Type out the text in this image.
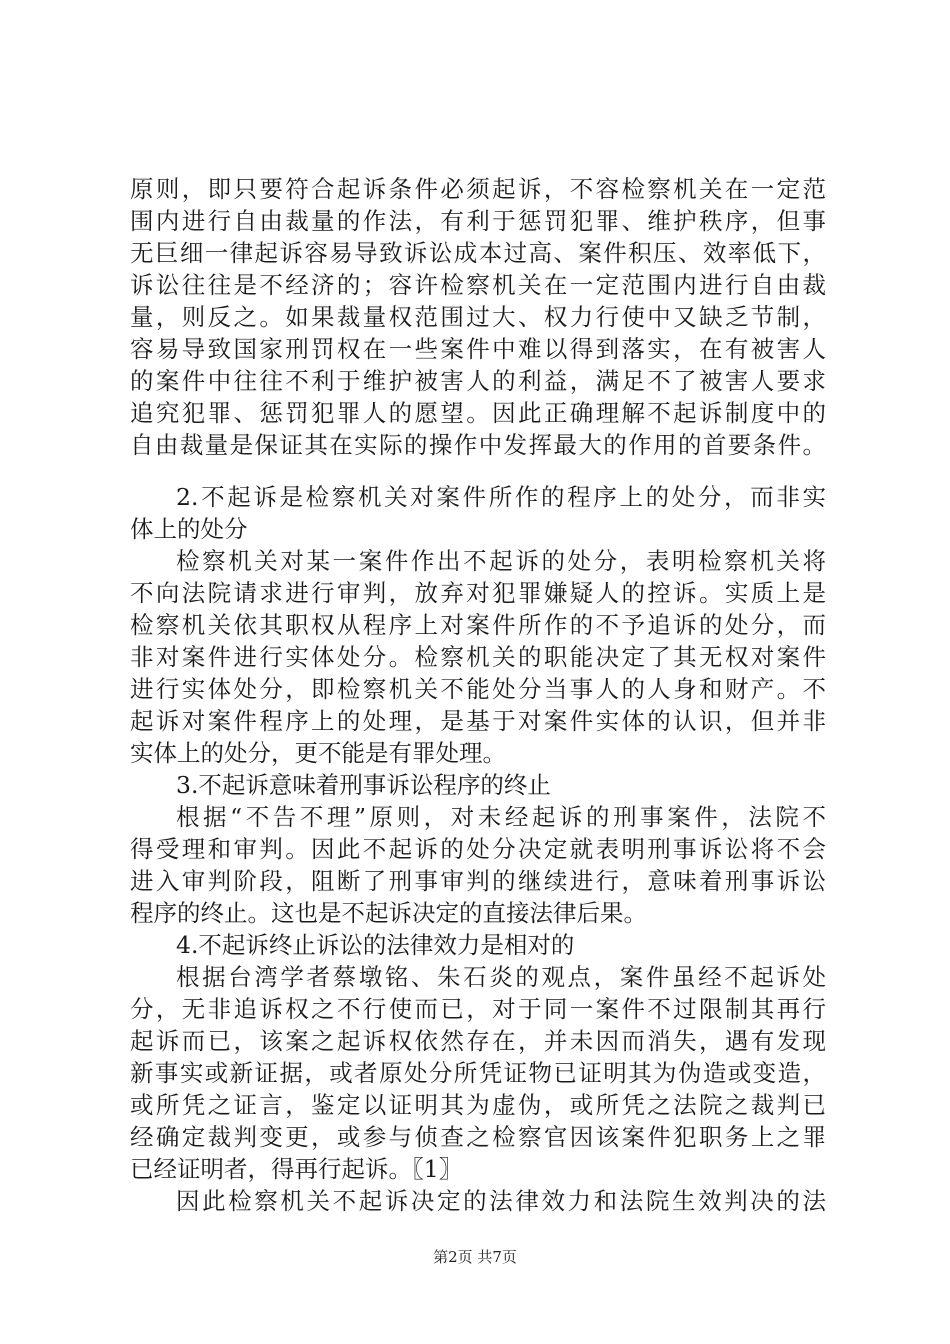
原则，即只要符合起诉条件必须起诉，不容检察机关在一定范
围内进行自由裁量的作法，有利于惩罚犯罪、维护秩序，但事
无巨细一律起诉容易导致诉讼成本过高、案件积压、效率低下，
诉讼往往是不经济的；容许检察机关在一定范围内进行自由裁
量，则反之。如果裁量权范围过大、权力行使中又缺乏节制，
容易导致国家刑罚权在一些案件中难以得到落实，在有被害人
的案件中往往不利于维护被害人的利益，满足不了被害人要求
追究犯罪、惩罚犯罪人的愿望。因此正确理解不起诉制度中的
自由裁量是保证其在实际的操作中发挥最大的作用的首要条件。
2.不起诉是检察机关对案件所作的程序上的处分，而非实
体上的处分
检察机关对某一案件作出不起诉的处分，表明检察机关将
不向法院请求进行审判，放弃对犯罪嫌疑人的控诉。实质上是
检察机关依其职权从程序上对案件所作的不予追诉的处分，而
非对案件进行实体处分。检察机关的职能决定了其无权对案件
进行实体处分，即检察机关不能处分当事人的人身和财产。不
起诉对案件程序上的处理，是基于对案件实体的认识，但并非
实体上的处分，更不能是有罪处理。
3.不起诉意味着刑事诉讼程序的终止
根据“不告不理”原则，对未经起诉的刑事案件，法院不
得受理和审判。因此不起诉的处分决定就表明刑事诉讼将不会
进入审判阶段，阻断了刑事审判的继续进行，意味着刑事诉讼
程序的终止。这也是不起诉决定的直接法律后果。
4.不起诉终止诉讼的法律效力是相对的
根据台湾学者蔡墩铭、朱石炎的观点，案件虽经不起诉处
分，无非追诉权之不行使而已，对于同一案件不过限制其再行
起诉而已，该案之起诉权依然存在，并未因而消失，遇有发现
新事实或新证据，或者原处分所凭证物已证明其为伪造或变造，
或所凭之证言，鉴定以证明其为虚伪，或所凭之法院之裁判已
经确定裁判变更，或参与侦查之检察官因该案件犯职务上之罪
已经证明者，得再行起诉。〖1〗
因此检察机关不起诉决定的法律效力和法院生效判决的法
第2页 共7页
